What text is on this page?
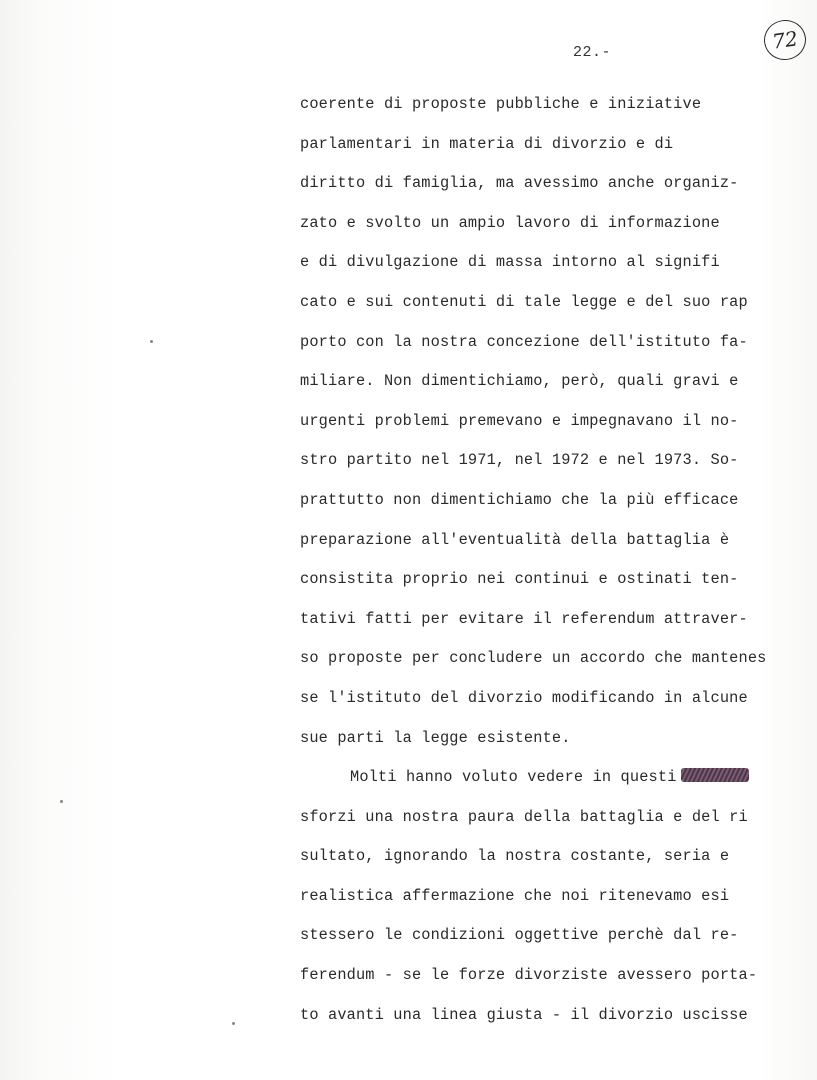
22.-	72
coerente di proposte pubbliche e iniziative
parlamentari in materia di divorzio e di
diritto di famiglia, ma avessimo anche organiz-
zato e svolto un ampio lavoro di informazione
e di divulgazione di massa intorno al signifi
cato e sui contenuti di tale legge e del suo rap
porto con la nostra concezione dell'istituto fa-
miliare. Non dimentichiamo, però, quali gravi e
urgenti problemi premevano e impegnavano il no-
stro partito nel 1971, nel 1972 e nel 1973. So-
prattutto non dimentichiamo che la più efficace
preparazione all'eventualità della battaglia è
consistita proprio nei continui e ostinati ten-
tativi fatti per evitare il referendum attraver-
so proposte per concludere un accordo che mantenes
se l'istituto del divorzio modificando in alcune
sue parti la legge esistente.
Molti hanno voluto vedere in questi
sforzi una nostra paura della battaglia e del ri
sultato, ignorando la nostra costante, seria e
realistica affermazione che noi ritenevamo esi
stessero le condizioni oggettive perchè dal re-
ferendum - se le forze divorziste avessero porta-
to avanti una linea giusta - il divorzio uscisse
